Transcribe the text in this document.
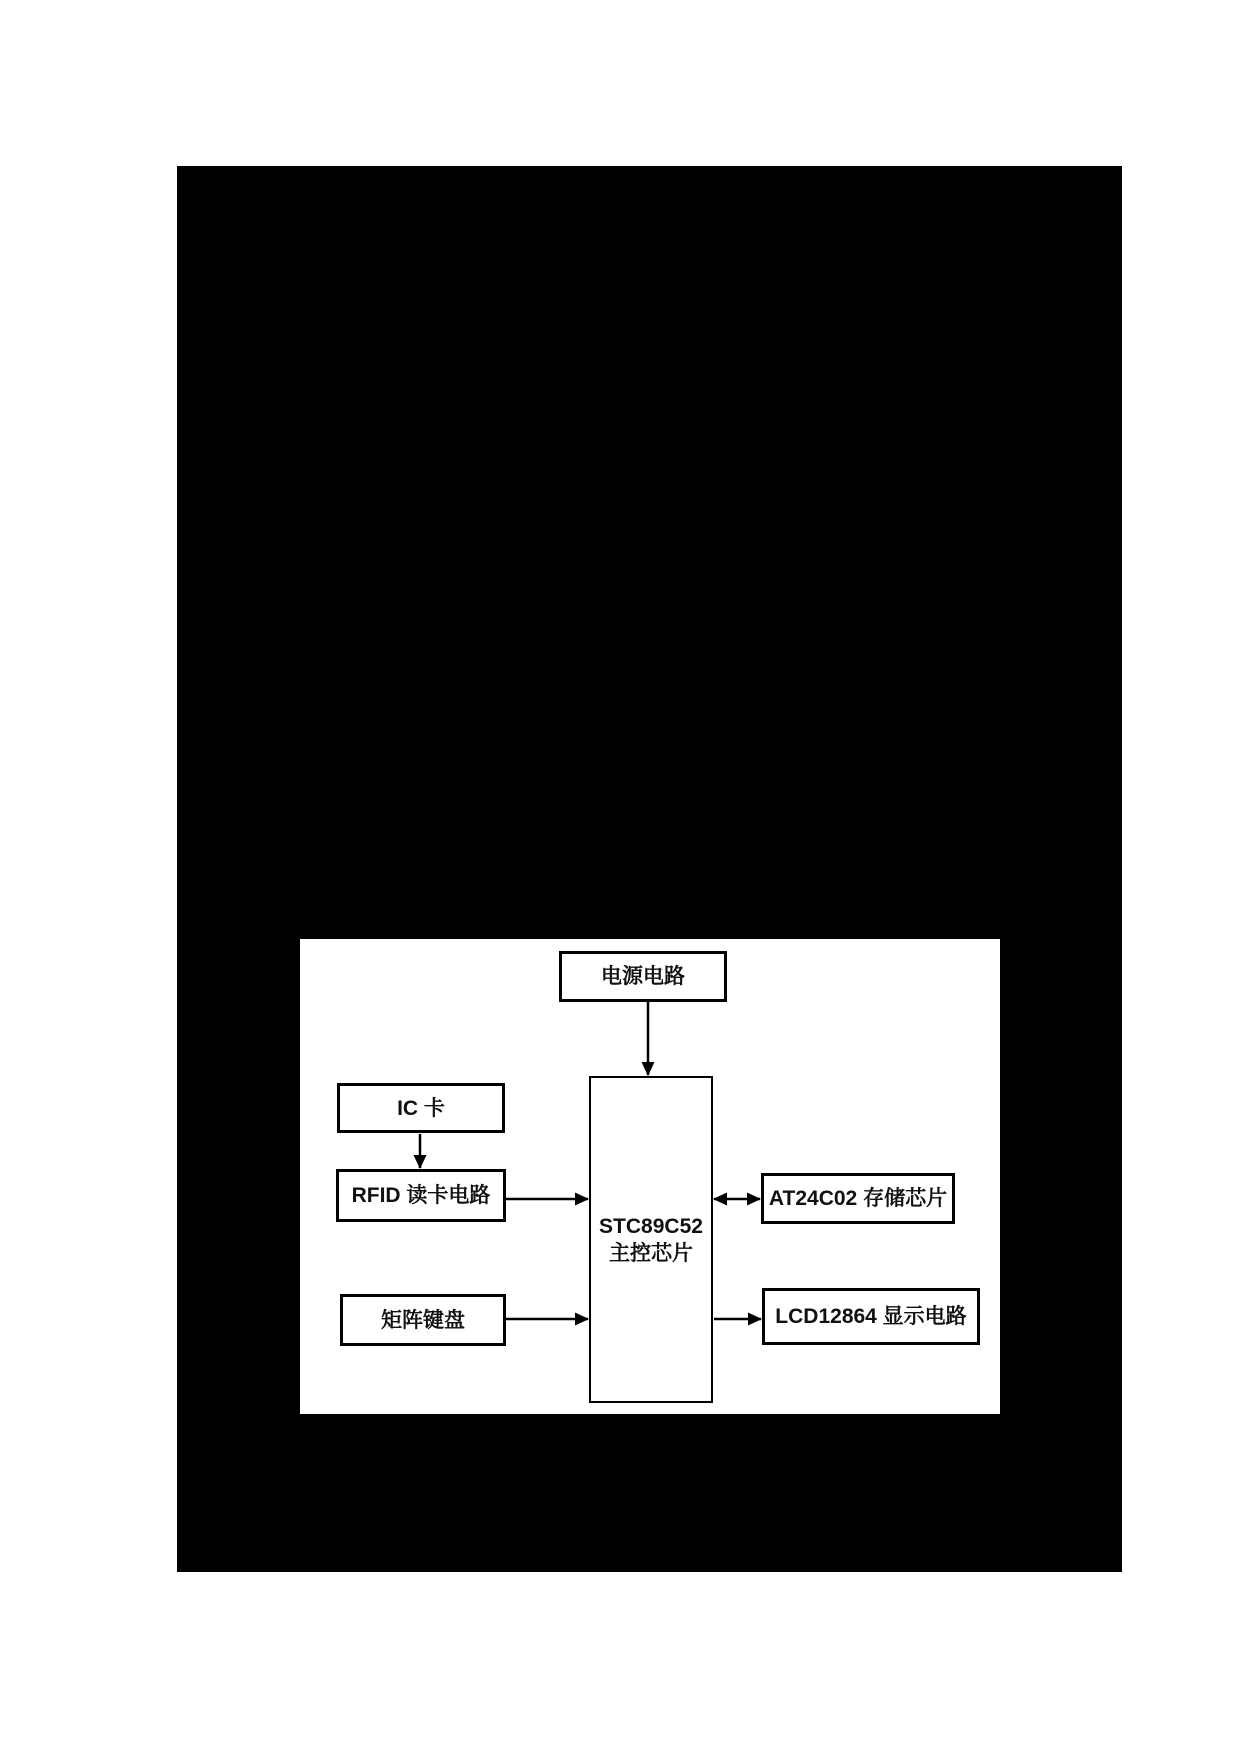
电源电路
IC 卡
RFID 读卡电路
STC89C52
主控芯片
AT24C02 存储芯片
矩阵键盘	LCD12864 显示电路
